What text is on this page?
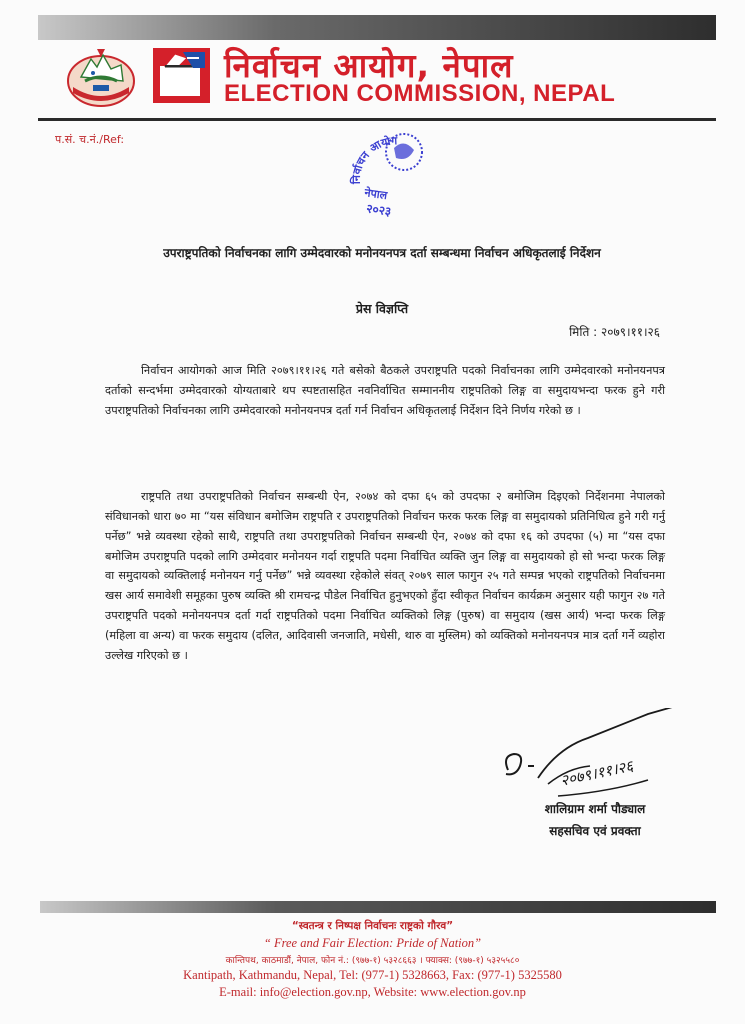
निर्वाचन आयोग, नेपाल
ELECTION COMMISSION, NEPAL
प.सं. च.नं./Ref:
निर्वाचन आयोग
नेपाल
२०२३
उपराष्ट्रपतिको निर्वाचनका लागि उम्मेदवारको मनोनयनपत्र दर्ता सम्बन्धमा निर्वाचन अधिकृतलाई निर्देशन
प्रेस विज्ञप्ति
मिति : २०७९।११।२६

निर्वाचन आयोगको आज मिति २०७९।११।२६ गते बसेको बैठकले उपराष्ट्रपति पदको निर्वाचनका लागि उम्मेदवारको मनोनयनपत्र दर्ताको सन्दर्भमा उम्मेदवारको योग्यताबारे थप स्पष्टतासहित नवनिर्वाचित सम्माननीय राष्ट्रपतिको लिङ्ग वा समुदायभन्दा फरक हुने गरी उपराष्ट्रपतिको निर्वाचनका लागि उम्मेदवारको मनोनयनपत्र दर्ता गर्न निर्वाचन अधिकृतलाई निर्देशन दिने निर्णय गरेको छ ।

राष्ट्रपति तथा उपराष्ट्रपतिको निर्वाचन सम्बन्धी ऐन, २०७४ को दफा ६५ को उपदफा २ बमोजिम दिइएको निर्देशनमा नेपालको संविधानको धारा ७० मा “यस संविधान बमोजिम राष्ट्रपति र उपराष्ट्रपतिको निर्वाचन फरक फरक लिङ्ग वा समुदायको प्रतिनिधित्व हुने गरी गर्नु पर्नेछ” भन्ने व्यवस्था रहेको साथै, राष्ट्रपति तथा उपराष्ट्रपतिको निर्वाचन सम्बन्धी ऐन, २०७४ को दफा १६ को उपदफा (५) मा “यस दफा बमोजिम उपराष्ट्रपति पदको लागि उम्मेदवार मनोनयन गर्दा राष्ट्रपति पदमा निर्वाचित व्यक्ति जुन लिङ्ग वा समुदायको हो सो भन्दा फरक लिङ्ग वा समुदायको व्यक्तिलाई मनोनयन गर्नु पर्नेछ” भन्ने व्यवस्था रहेकोले संवत् २०७९ साल फागुन २५ गते सम्पन्न भएको राष्ट्रपतिको निर्वाचनमा खस आर्य समावेशी समूहका पुरुष व्यक्ति श्री रामचन्द्र पौडेल निर्वाचित हुनुभएको हुँदा स्वीकृत निर्वाचन कार्यक्रम अनुसार यही फागुन २७ गते उपराष्ट्रपति पदको मनोनयनपत्र दर्ता गर्दा राष्ट्रपतिको पदमा निर्वाचित व्यक्तिको लिङ्ग (पुरुष) वा समुदाय (खस आर्य) भन्दा फरक लिङ्ग (महिला वा अन्य) वा फरक समुदाय (दलित, आदिवासी जनजाति, मधेसी, थारु वा मुस्लिम) को व्यक्तिको मनोनयनपत्र मात्र दर्ता गर्ने व्यहोरा उल्लेख गरिएको छ ।

२०७९।११।२६
शालिग्राम शर्मा पौड्याल
सहसचिव एवं प्रवक्ता
“स्वतन्त्र र निष्पक्ष निर्वाचनः राष्ट्रको गौरव”
“ Free and Fair Election: Pride of Nation”
कान्तिपथ, काठमाडौं, नेपाल, फोन नं.: (९७७-१) ५३२८६६३ । फ्याक्स: (९७७-१) ५३२५५८०
Kantipath, Kathmandu, Nepal, Tel: (977-1) 5328663, Fax: (977-1) 5325580
E-mail: info@election.gov.np, Website: www.election.gov.np
